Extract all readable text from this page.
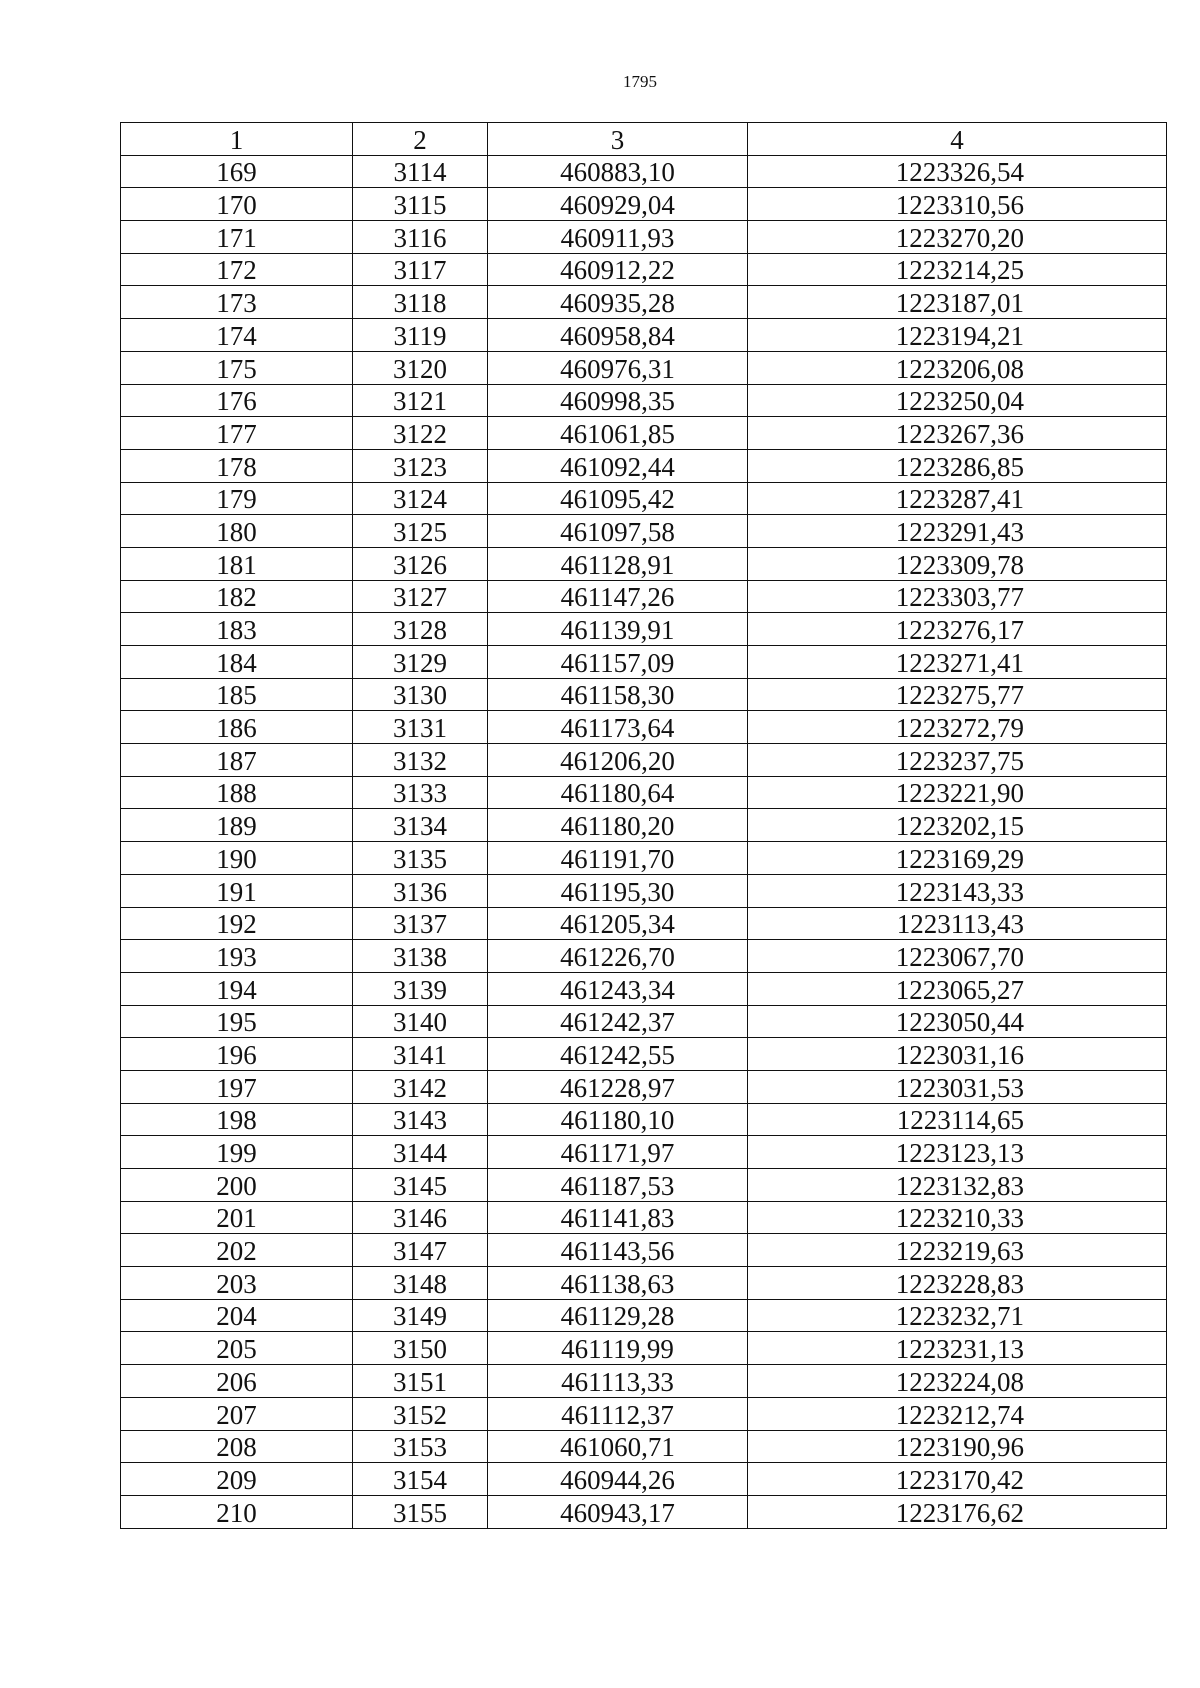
1795
1	2	3	4
169	3114	460883,10	1223326,54
170	3115	460929,04	1223310,56
171	3116	460911,93	1223270,20
172	3117	460912,22	1223214,25
173	3118	460935,28	1223187,01
174	3119	460958,84	1223194,21
175	3120	460976,31	1223206,08
176	3121	460998,35	1223250,04
177	3122	461061,85	1223267,36
178	3123	461092,44	1223286,85
179	3124	461095,42	1223287,41
180	3125	461097,58	1223291,43
181	3126	461128,91	1223309,78
182	3127	461147,26	1223303,77
183	3128	461139,91	1223276,17
184	3129	461157,09	1223271,41
185	3130	461158,30	1223275,77
186	3131	461173,64	1223272,79
187	3132	461206,20	1223237,75
188	3133	461180,64	1223221,90
189	3134	461180,20	1223202,15
190	3135	461191,70	1223169,29
191	3136	461195,30	1223143,33
192	3137	461205,34	1223113,43
193	3138	461226,70	1223067,70
194	3139	461243,34	1223065,27
195	3140	461242,37	1223050,44
196	3141	461242,55	1223031,16
197	3142	461228,97	1223031,53
198	3143	461180,10	1223114,65
199	3144	461171,97	1223123,13
200	3145	461187,53	1223132,83
201	3146	461141,83	1223210,33
202	3147	461143,56	1223219,63
203	3148	461138,63	1223228,83
204	3149	461129,28	1223232,71
205	3150	461119,99	1223231,13
206	3151	461113,33	1223224,08
207	3152	461112,37	1223212,74
208	3153	461060,71	1223190,96
209	3154	460944,26	1223170,42
210	3155	460943,17	1223176,62
